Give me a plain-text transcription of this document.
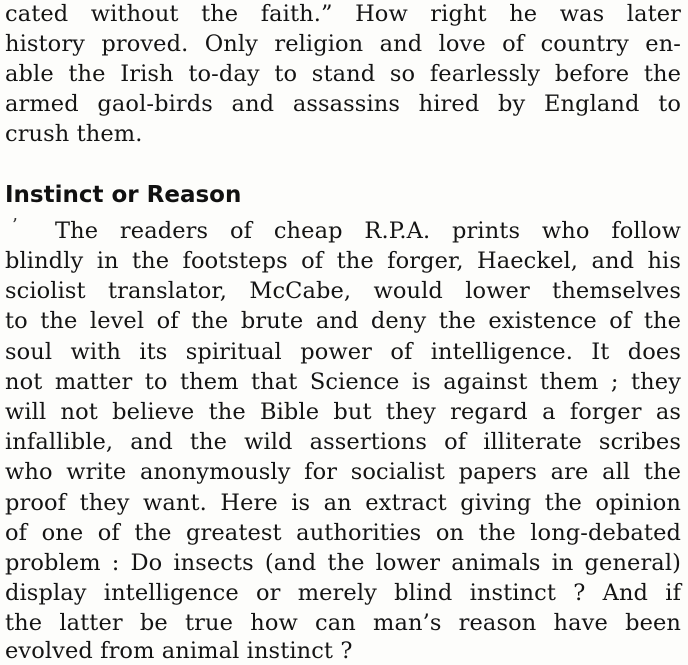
cated without the faith.” How right he was later
history proved. Only religion and love of country en-
able the Irish to-day to stand so fearlessly before the
armed gaol-birds and assassins hired by England to
crush them.
Instinct or Reason
’	The readers of cheap R.P.A. prints who follow
blindly in the footsteps of the forger, Haeckel, and his
sciolist translator, McCabe, would lower themselves
to the level of the brute and deny the existence of the
soul with its spiritual power of intelligence. It does
not matter to them that Science is against them ; they
will not believe the Bible but they regard a forger as
infallible, and the wild assertions of illiterate scribes
who write anonymously for socialist papers are all the
proof they want. Here is an extract giving the opinion
of one of the greatest authorities on the long-debated
problem : Do insects (and the lower animals in general)
display intelligence or merely blind instinct ? And if
the latter be true how can man’s reason have been
evolved from animal instinct ?
